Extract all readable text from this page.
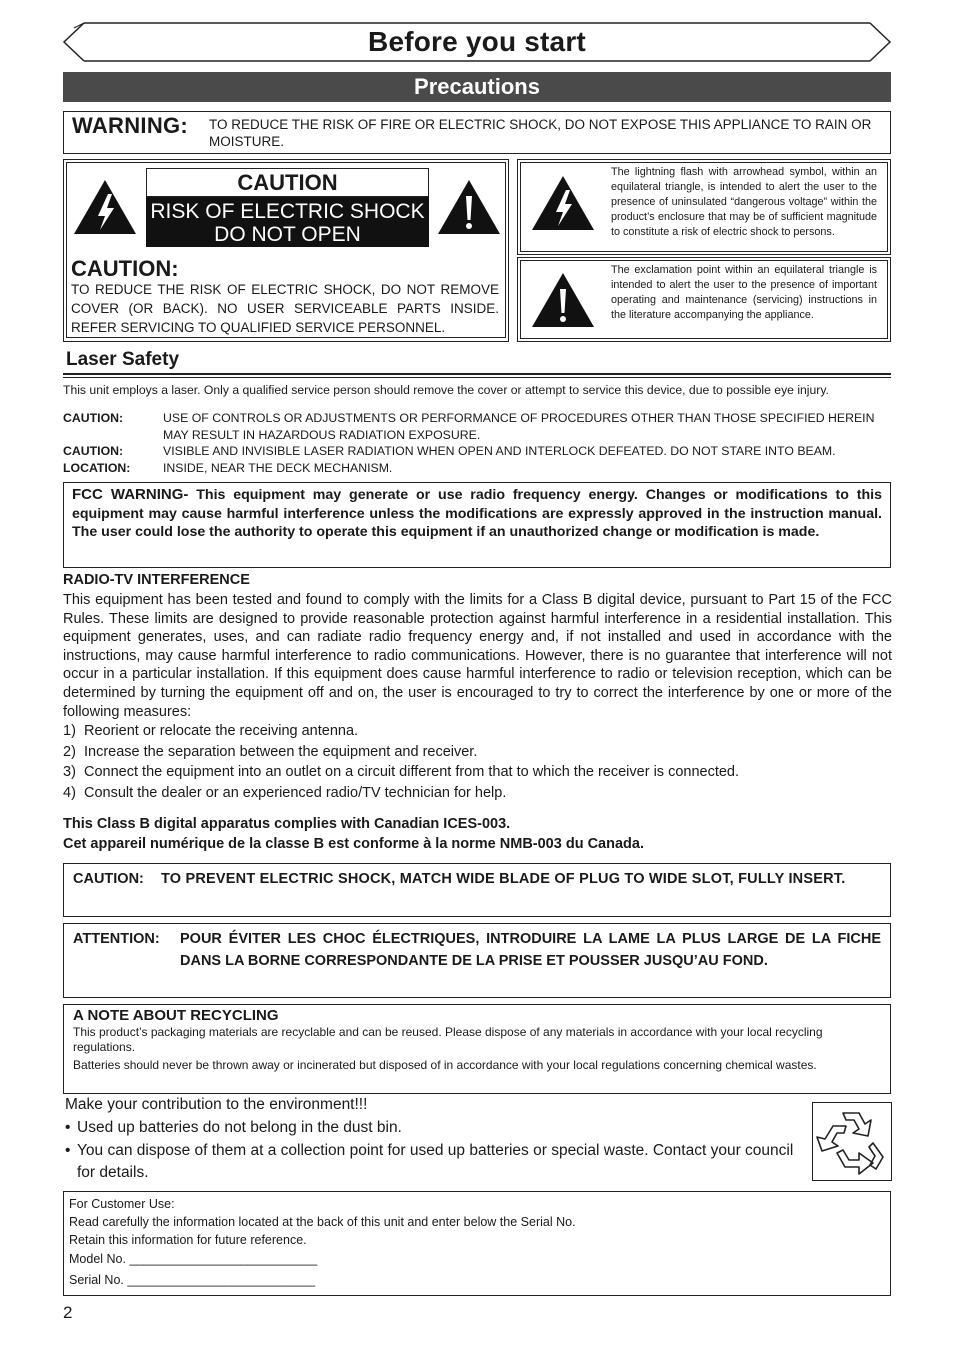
Before you start
Precautions
WARNING: TO REDUCE THE RISK OF FIRE OR ELECTRIC SHOCK, DO NOT EXPOSE THIS APPLIANCE TO RAIN OR MOISTURE.
CAUTION
RISK OF ELECTRIC SHOCK
DO NOT OPEN
CAUTION:
TO REDUCE THE RISK OF ELECTRIC SHOCK, DO NOT REMOVE COVER (OR BACK). NO USER SERVICEABLE PARTS INSIDE. REFER SERVICING TO QUALIFIED SERVICE PERSONNEL.
The lightning flash with arrowhead symbol, within an equilateral triangle, is intended to alert the user to the presence of uninsulated “dangerous voltage” within the product’s enclosure that may be of sufficient magnitude to constitute a risk of electric shock to persons.
The exclamation point within an equilateral triangle is intended to alert the user to the presence of important operating and maintenance (servicing) instructions in the literature accompanying the appliance.
Laser Safety
This unit employs a laser. Only a qualified service person should remove the cover or attempt to service this device, due to possible eye injury.
CAUTION:	USE OF CONTROLS OR ADJUSTMENTS OR PERFORMANCE OF PROCEDURES OTHER THAN THOSE SPECIFIED HEREIN MAY RESULT IN HAZARDOUS RADIATION EXPOSURE.
CAUTION:	VISIBLE AND INVISIBLE LASER RADIATION WHEN OPEN AND INTERLOCK DEFEATED. DO NOT STARE INTO BEAM.
LOCATION:	INSIDE, NEAR THE DECK MECHANISM.
FCC WARNING- This equipment may generate or use radio frequency energy. Changes or modifications to this equipment may cause harmful interference unless the modifications are expressly approved in the instruction manual. The user could lose the authority to operate this equipment if an unauthorized change or modification is made.
RADIO-TV INTERFERENCE
This equipment has been tested and found to comply with the limits for a Class B digital device, pursuant to Part 15 of the FCC Rules. These limits are designed to provide reasonable protection against harmful interference in a residential installation. This equipment generates, uses, and can radiate radio frequency energy and, if not installed and used in accordance with the instructions, may cause harmful interference to radio communications. However, there is no guarantee that interference will not occur in a particular installation. If this equipment does cause harmful interference to radio or television reception, which can be determined by turning the equipment off and on, the user is encouraged to try to correct the interference by one or more of the following measures:
1) Reorient or relocate the receiving antenna.
2) Increase the separation between the equipment and receiver.
3) Connect the equipment into an outlet on a circuit different from that to which the receiver is connected.
4) Consult the dealer or an experienced radio/TV technician for help.
This Class B digital apparatus complies with Canadian ICES-003.
Cet appareil numérique de la classe B est conforme à la norme NMB-003 du Canada.
CAUTION:	TO PREVENT ELECTRIC SHOCK, MATCH WIDE BLADE OF PLUG TO WIDE SLOT, FULLY INSERT.
ATTENTION:	POUR ÉVITER LES CHOC ÉLECTRIQUES, INTRODUIRE LA LAME LA PLUS LARGE DE LA FICHE DANS LA BORNE CORRESPONDANTE DE LA PRISE ET POUSSER JUSQU’AU FOND.
A NOTE ABOUT RECYCLING
This product’s packaging materials are recyclable and can be reused. Please dispose of any materials in accordance with your local recycling regulations.
Batteries should never be thrown away or incinerated but disposed of in accordance with your local regulations concerning chemical wastes.
Make your contribution to the environment!!!
• Used up batteries do not belong in the dust bin.
• You can dispose of them at a collection point for used up batteries or special waste. Contact your council for details.
For Customer Use:
Read carefully the information located at the back of this unit and enter below the Serial No.
Retain this information for future reference.
Model No. ___________________________
Serial No. ___________________________
2
